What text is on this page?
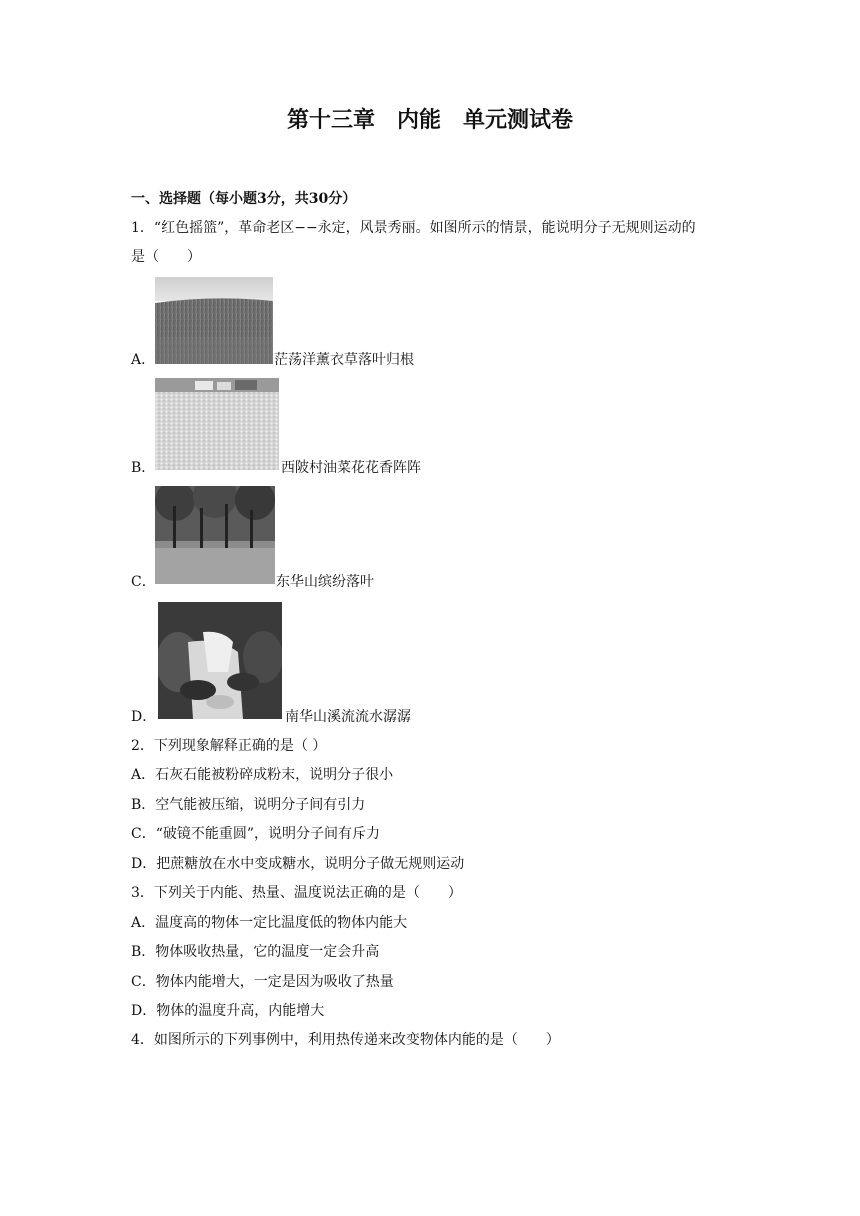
第十三章　内能　单元测试卷
一、选择题（每小题3分，共30分）
1．“红色摇篮”，革命老区−−永定，风景秀丽。如图所示的情景，能说明分子无规则运动的
是（　　）
A．	茫荡洋薰衣草落叶归根
B．	西陂村油菜花花香阵阵
C．	东华山缤纷落叶
D．	南华山溪流流水潺潺
2．下列现象解释正确的是（ ）
A．石灰石能被粉碎成粉末，说明分子很小
B．空气能被压缩，说明分子间有引力
C．“破镜不能重圆”，说明分子间有斥力
D．把蔗糖放在水中变成糖水，说明分子做无规则运动
3．下列关于内能、热量、温度说法正确的是（　　）
A．温度高的物体一定比温度低的物体内能大
B．物体吸收热量，它的温度一定会升高
C．物体内能增大，一定是因为吸收了热量
D．物体的温度升高，内能增大
4．如图所示的下列事例中，利用热传递来改变物体内能的是（　　）
